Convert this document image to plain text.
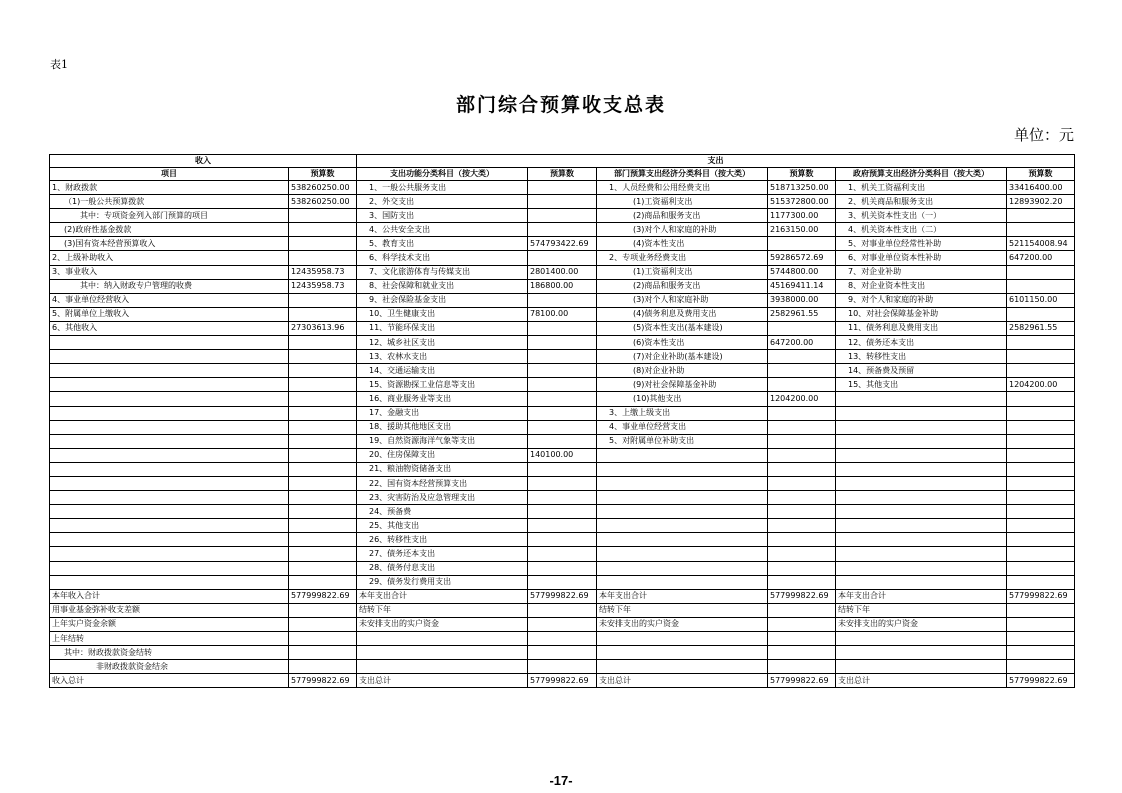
表1
部门综合预算收支总表
单位：元
收入		支出					
项目	预算数	支出功能分类科目（按大类）	预算数	部门预算支出经济分类科目（按大类）	预算数	政府预算支出经济分类科目（按大类）	预算数
1、财政拨款	538260250.00	1、一般公共服务支出		1、人员经费和公用经费支出	518713250.00	1、机关工资福利支出	33416400.00
（1)一般公共预算拨款	538260250.00	2、外交支出		(1)工资福利支出	515372800.00	2、机关商品和服务支出	12893902.20
其中：专项资金列入部门预算的项目		3、国防支出		(2)商品和服务支出	1177300.00	3、机关资本性支出（一）	
(2)政府性基金拨款		4、公共安全支出		(3)对个人和家庭的补助	2163150.00	4、机关资本性支出（二）	
(3)国有资本经营预算收入		5、教育支出	574793422.69	(4)资本性支出		5、对事业单位经常性补助	521154008.94
2、上级补助收入		6、科学技术支出		2、专项业务经费支出	59286572.69	6、对事业单位资本性补助	647200.00
3、事业收入	12435958.73	7、文化旅游体育与传媒支出	2801400.00	(1)工资福利支出	5744800.00	7、对企业补助	
其中：纳入财政专户管理的收费	12435958.73	8、社会保障和就业支出	186800.00	(2)商品和服务支出	45169411.14	8、对企业资本性支出	
4、事业单位经营收入		9、社会保险基金支出		(3)对个人和家庭补助	3938000.00	9、对个人和家庭的补助	6101150.00
5、附属单位上缴收入		10、卫生健康支出	78100.00	(4)债务利息及费用支出	2582961.55	10、对社会保障基金补助	
6、其他收入	27303613.96	11、节能环保支出		(5)资本性支出(基本建设)		11、债务利息及费用支出	2582961.55
		12、城乡社区支出		(6)资本性支出	647200.00	12、债务还本支出	
		13、农林水支出		(7)对企业补助(基本建设)		13、转移性支出	
		14、交通运输支出		(8)对企业补助		14、预备费及预留	
		15、资源勘探工业信息等支出		(9)对社会保障基金补助		15、其他支出	1204200.00
		16、商业服务业等支出		(10)其他支出	1204200.00		
		17、金融支出		3、上缴上级支出			
		18、援助其他地区支出		4、事业单位经营支出			
		19、自然资源海洋气象等支出		5、对附属单位补助支出			
		20、住房保障支出	140100.00				
		21、粮油物资储备支出					
		22、国有资本经营预算支出					
		23、灾害防治及应急管理支出					
		24、预备费					
		25、其他支出					
		26、转移性支出					
		27、债务还本支出					
		28、债务付息支出					
		29、债务发行费用支出					
本年收入合计	577999822.69	本年支出合计	577999822.69	本年支出合计	577999822.69	本年支出合计	577999822.69
用事业基金弥补收支差额		结转下年		结转下年		结转下年	
上年实户资金余额		未安排支出的实户资金		未安排支出的实户资金		未安排支出的实户资金	
上年结转							
其中：财政拨款资金结转							
非财政拨款资金结余							
收入总计	577999822.69	支出总计	577999822.69	支出总计	577999822.69	支出总计	577999822.69
-17-
